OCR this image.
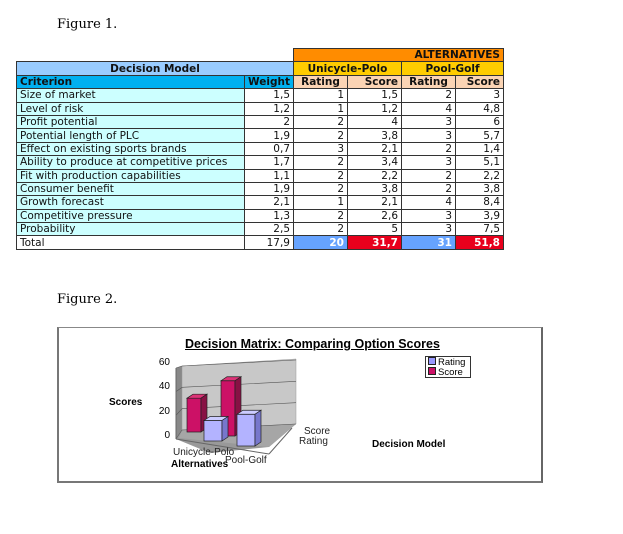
Figure 1.
		ALTERNATIVES			
Decision Model		Unicycle-Polo		Pool-Golf	
Criterion	Weight	Rating	Score	Rating	Score
Size of market	1,5	1	1,5	2	3
Level of risk	1,2	1	1,2	4	4,8
Profit potential	2	2	4	3	6
Potential length of PLC	1,9	2	3,8	3	5,7
Effect on existing sports brands	0,7	3	2,1	2	1,4
Ability to produce at competitive prices	1,7	2	3,4	3	5,1
Fit with production capabilities	1,1	2	2,2	2	2,2
Consumer benefit	1,9	2	3,8	2	3,8
Growth forecast	2,1	1	2,1	4	8,4
Competitive pressure	1,3	2	2,6	3	3,9
Probability	2,5	2	5	3	7,5
Total	17,9	20	31,7	31	51,8
Figure 2.
Decision Matrix: Comparing Option Scores
Scores
Alternatives
Decision Model
60
40
20
0
Unicycle-Polo
Pool-Golf
Score
Rating
Rating
Score
